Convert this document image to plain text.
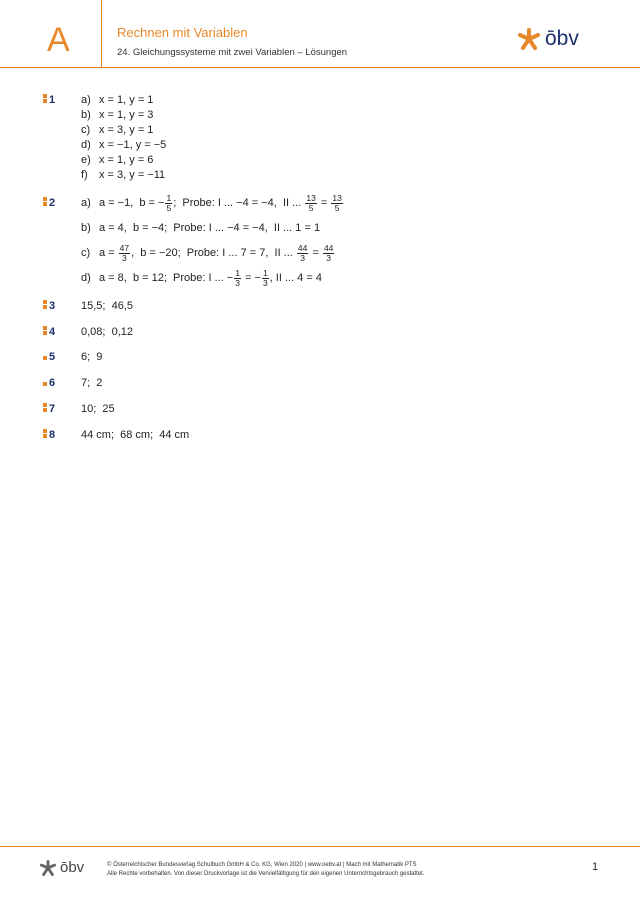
A	Rechnen mit Variablen
24. Gleichungssysteme mit zwei Variablen – Lösungen
ōbv
1	a) x = 1, y = 1
b) x = 1, y = 3
c) x = 3, y = 1
d) x = −1, y = −5
e) x = 1, y = 6
f) x = 3, y = −11
2	a) a = −1,  b = − $\frac{1}{5}$ ;  Probe: I ... −4 = −4,  II ... $\frac{13}{5} = \frac{13}{5}$
b) a = 4,  b = −4;  Probe: I ... −4 = −4,  II ... 1 = 1
c) $a = \frac{47}{3}$ ,  b = −20;  Probe: I ... 7 = 7,  II ... $\frac{44}{3} = \frac{44}{3}$
d) a = 8,  b = 12;  Probe: I ... − $\frac{1}{3}$ = − $\frac{1}{3}$ , II ... 4 = 4
3	15,5;  46,5
4	0,08;  0,12
5	6;  9
6	7;  2
7	10;  25
8	44 cm;  68 cm;  44 cm
ōbv	© Österreichischer Bundesverlag Schulbuch GmbH & Co. KG, Wien 2020 | www.oebv.at | Mach mit Mathematik PTS
Alle Rechte vorbehalten. Von dieser Druckvorlage ist die Vervielfältigung für den eigenen Unterrichtsgebrauch gestattet.
1
